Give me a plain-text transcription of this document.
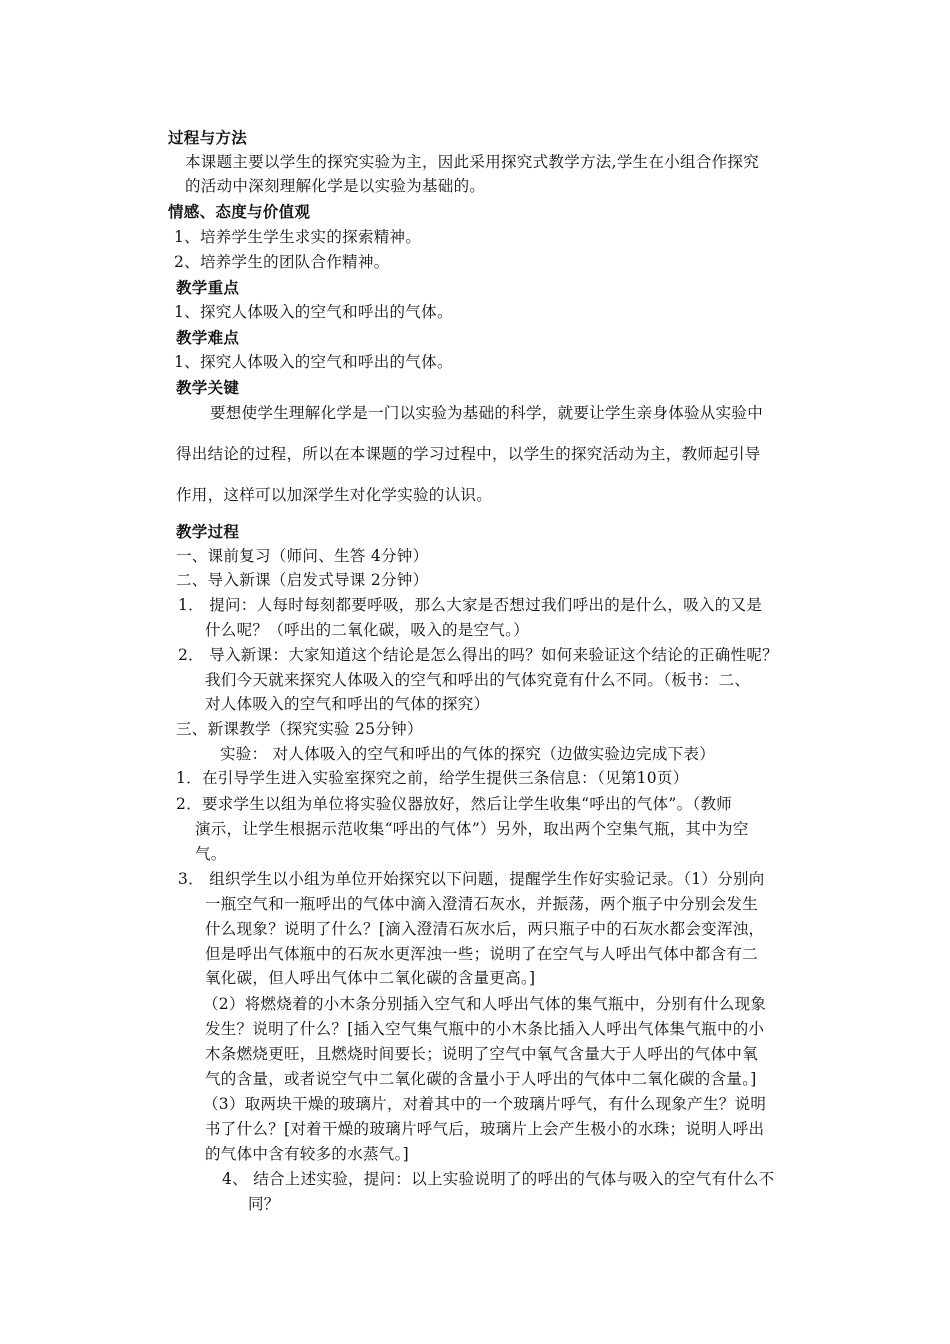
过程与方法
本课题主要以学生的探究实验为主，因此采用探究式教学方法,学生在小组合作探究
的活动中深刻理解化学是以实验为基础的。
情感、态度与价值观
1、培养学生学生求实的探索精神。
2、培养学生的团队合作精神。
教学重点
1、探究人体吸入的空气和呼出的气体。
教学难点
1、探究人体吸入的空气和呼出的气体。
教学关键
要想使学生理解化学是一门以实验为基础的科学，就要让学生亲身体验从实验中
得出结论的过程，所以在本课题的学习过程中，以学生的探究活动为主，教师起引导
作用，这样可以加深学生对化学实验的认识。
教学过程
一、课前复习（师问、生答 4分钟）
二、导入新课（启发式导课 2分钟）
1． 提问：人每时每刻都要呼吸，那么大家是否想过我们呼出的是什么，吸入的又是
什么呢？（呼出的二氧化碳，吸入的是空气。）
2． 导入新课：大家知道这个结论是怎么得出的吗？如何来验证这个结论的正确性呢？
我们今天就来探究人体吸入的空气和呼出的气体究竟有什么不同。（板书：二、
对人体吸入的空气和呼出的气体的探究）
三、新课教学（探究实验 25分钟）
实验： 对人体吸入的空气和呼出的气体的探究（边做实验边完成下表）
1．在引导学生进入实验室探究之前，给学生提供三条信息：（见第10页）
2．要求学生以组为单位将实验仪器放好，然后让学生收集“呼出的气体”。（教师
演示，让学生根据示范收集“呼出的气体”）另外，取出两个空集气瓶，其中为空
气。
3． 组织学生以小组为单位开始探究以下问题，提醒学生作好实验记录。（1）分别向
一瓶空气和一瓶呼出的气体中滴入澄清石灰水，并振荡，两个瓶子中分别会发生
什么现象？说明了什么？[滴入澄清石灰水后，两只瓶子中的石灰水都会变浑浊，
但是呼出气体瓶中的石灰水更浑浊一些；说明了在空气与人呼出气体中都含有二
氧化碳，但人呼出气体中二氧化碳的含量更高。]
（2）将燃烧着的小木条分别插入空气和人呼出气体的集气瓶中，分别有什么现象
发生？说明了什么？[插入空气集气瓶中的小木条比插入人呼出气体集气瓶中的小
木条燃烧更旺，且燃烧时间要长；说明了空气中氧气含量大于人呼出的气体中氧
气的含量，或者说空气中二氧化碳的含量小于人呼出的气体中二氧化碳的含量。]
（3）取两块干燥的玻璃片，对着其中的一个玻璃片呼气，有什么现象产生？说明
书了什么？[对着干燥的玻璃片呼气后，玻璃片上会产生极小的水珠；说明人呼出
的气体中含有较多的水蒸气。]
4、 结合上述实验，提问：以上实验说明了的呼出的气体与吸入的空气有什么不
同？
